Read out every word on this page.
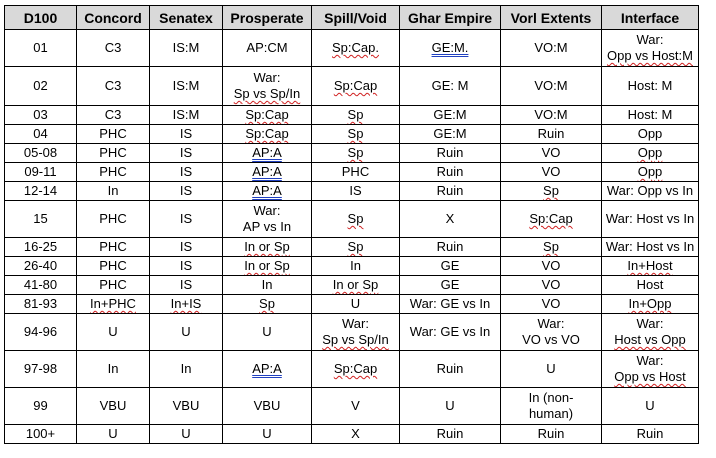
D100	Concord	Senatex	Prosperate	Spill/Void	Ghar Empire	Vorl Extents	Interface

01	C3	IS:M	AP:CM	Sp:Cap.	GE:M.	VO:M	War:
Opp vs Host:M

02	C3	IS:M	War:
Sp vs Sp/In	Sp:Cap	GE: M	VO:M	Host: M

03	C3	IS:M	Sp:Cap	Sp	GE:M	VO:M	Host: M

04	PHC	IS	Sp:Cap	Sp	GE:M	Ruin	Opp

05-08	PHC	IS	AP:A	Sp	Ruin	VO	Opp

09-11	PHC	IS	AP:A	PHC	Ruin	VO	Opp

12-14	In	IS	AP:A	IS	Ruin	Sp	War: Opp vs In

15	PHC	IS	War:
AP vs In	Sp	X	Sp:Cap	War: Host vs In

16-25	PHC	IS	In or Sp	Sp	Ruin	Sp	War: Host vs In

26-40	PHC	IS	In or Sp	In	GE	VO	In+Host

41-80	PHC	IS	In	In or Sp	GE	VO	Host

81-93	In+PHC	In+IS	Sp	U	War: GE vs In	VO	In+Opp

94-96	U	U	U	War:
Sp vs Sp/In	War: GE vs In	War:
VO vs VO	War:
Host vs Opp

97-98	In	In	AP:A	Sp:Cap	Ruin	U	War:
Opp vs Host

99	VBU	VBU	VBU	V	U	In (non-
human)	U

100+	U	U	U	X	Ruin	Ruin	Ruin
